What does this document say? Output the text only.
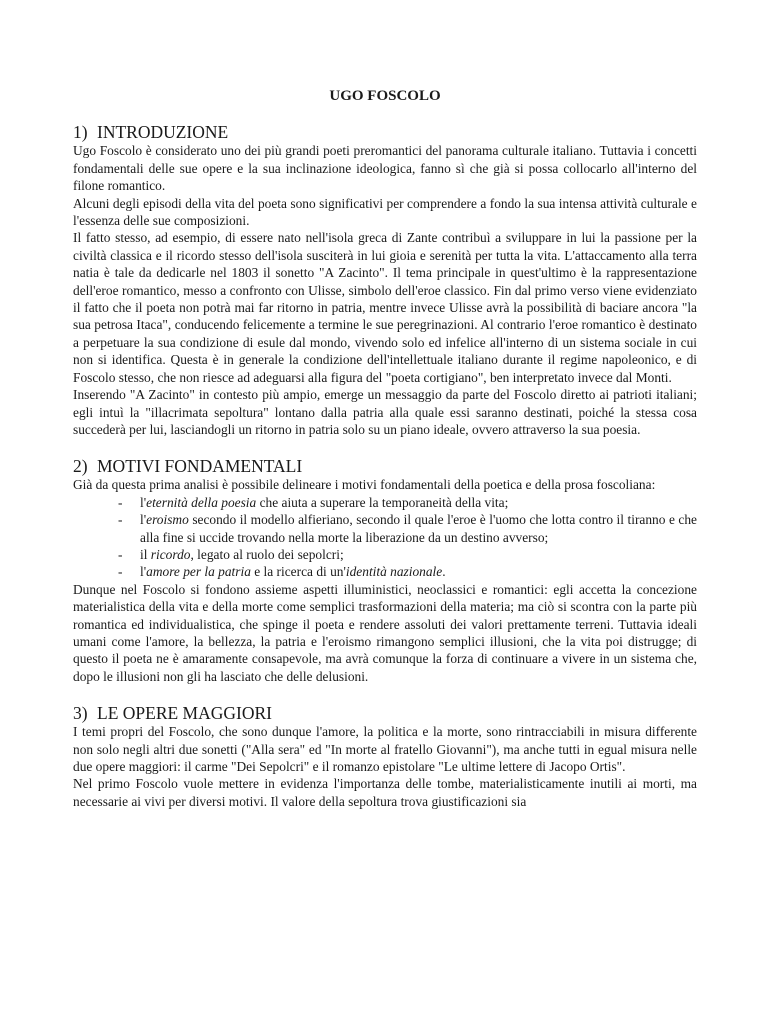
UGO FOSCOLO
1) INTRODUZIONE

Ugo Foscolo è considerato uno dei più grandi poeti preromantici del panorama culturale italiano. Tuttavia i concetti fondamentali delle sue opere e la sua inclinazione ideologica, fanno sì che già si possa collocarlo all'interno del filone romantico.

Alcuni degli episodi della vita del poeta sono significativi per comprendere a fondo la sua intensa attività culturale e l'essenza delle sue composizioni.

Il fatto stesso, ad esempio, di essere nato nell'isola greca di Zante contribuì a sviluppare in lui la passione per la civiltà classica e il ricordo stesso dell'isola susciterà in lui gioia e serenità per tutta la vita. L'attaccamento alla terra natia è tale da dedicarle nel 1803 il sonetto "A Zacinto". Il tema principale in quest'ultimo è la rappresentazione dell'eroe romantico, messo a confronto con Ulisse, simbolo dell'eroe classico. Fin dal primo verso viene evidenziato il fatto che il poeta non potrà mai far ritorno in patria, mentre invece Ulisse avrà la possibilità di baciare ancora "la sua petrosa Itaca", conducendo felicemente a termine le sue peregrinazioni. Al contrario l'eroe romantico è destinato a perpetuare la sua condizione di esule dal mondo, vivendo solo ed infelice all'interno di un sistema sociale in cui non si identifica. Questa è in generale la condizione dell'intellettuale italiano durante il regime napoleonico, e di Foscolo stesso, che non riesce ad adeguarsi alla figura del "poeta cortigiano", ben interpretato invece dal Monti.

Inserendo "A Zacinto" in contesto più ampio, emerge un messaggio da parte del Foscolo diretto ai patrioti italiani; egli intuì la "illacrimata sepoltura" lontano dalla patria alla quale essi saranno destinati, poiché la stessa cosa succederà per lui, lasciandogli un ritorno in patria solo su un piano ideale, ovvero attraverso la sua poesia.

2) MOTIVI FONDAMENTALI

Già da questa prima analisi è possibile delineare i motivi fondamentali della poetica e della prosa foscoliana:

- l'eternità della poesia che aiuta a superare la temporaneità della vita;
- l'eroismo secondo il modello alfieriano, secondo il quale l'eroe è l'uomo che lotta contro il tiranno e che alla fine si uccide trovando nella morte la liberazione da un destino avverso;
- il ricordo, legato al ruolo dei sepolcri;
- l'amore per la patria e la ricerca di un'identità nazionale.

Dunque nel Foscolo si fondono assieme aspetti illuministici, neoclassici e romantici: egli accetta la concezione materialistica della vita e della morte come semplici trasformazioni della materia; ma ciò si scontra con la parte più romantica ed individualistica, che spinge il poeta e rendere assoluti dei valori prettamente terreni. Tuttavia ideali umani come l'amore, la bellezza, la patria e l'eroismo rimangono semplici illusioni, che la vita poi distrugge; di questo il poeta ne è amaramente consapevole, ma avrà comunque la forza di continuare a vivere in un sistema che, dopo le illusioni non gli ha lasciato che delle delusioni.

3) LE OPERE MAGGIORI

I temi propri del Foscolo, che sono dunque l'amore, la politica e la morte, sono rintracciabili in misura differente non solo negli altri due sonetti ("Alla sera" ed "In morte al fratello Giovanni"), ma anche tutti in egual misura nelle due opere maggiori: il carme "Dei Sepolcri" e il romanzo epistolare "Le ultime lettere di Jacopo Ortis".

Nel primo Foscolo vuole mettere in evidenza l'importanza delle tombe, materialisticamente inutili ai morti, ma necessarie ai vivi per diversi motivi. Il valore della sepoltura trova giustificazioni sia
